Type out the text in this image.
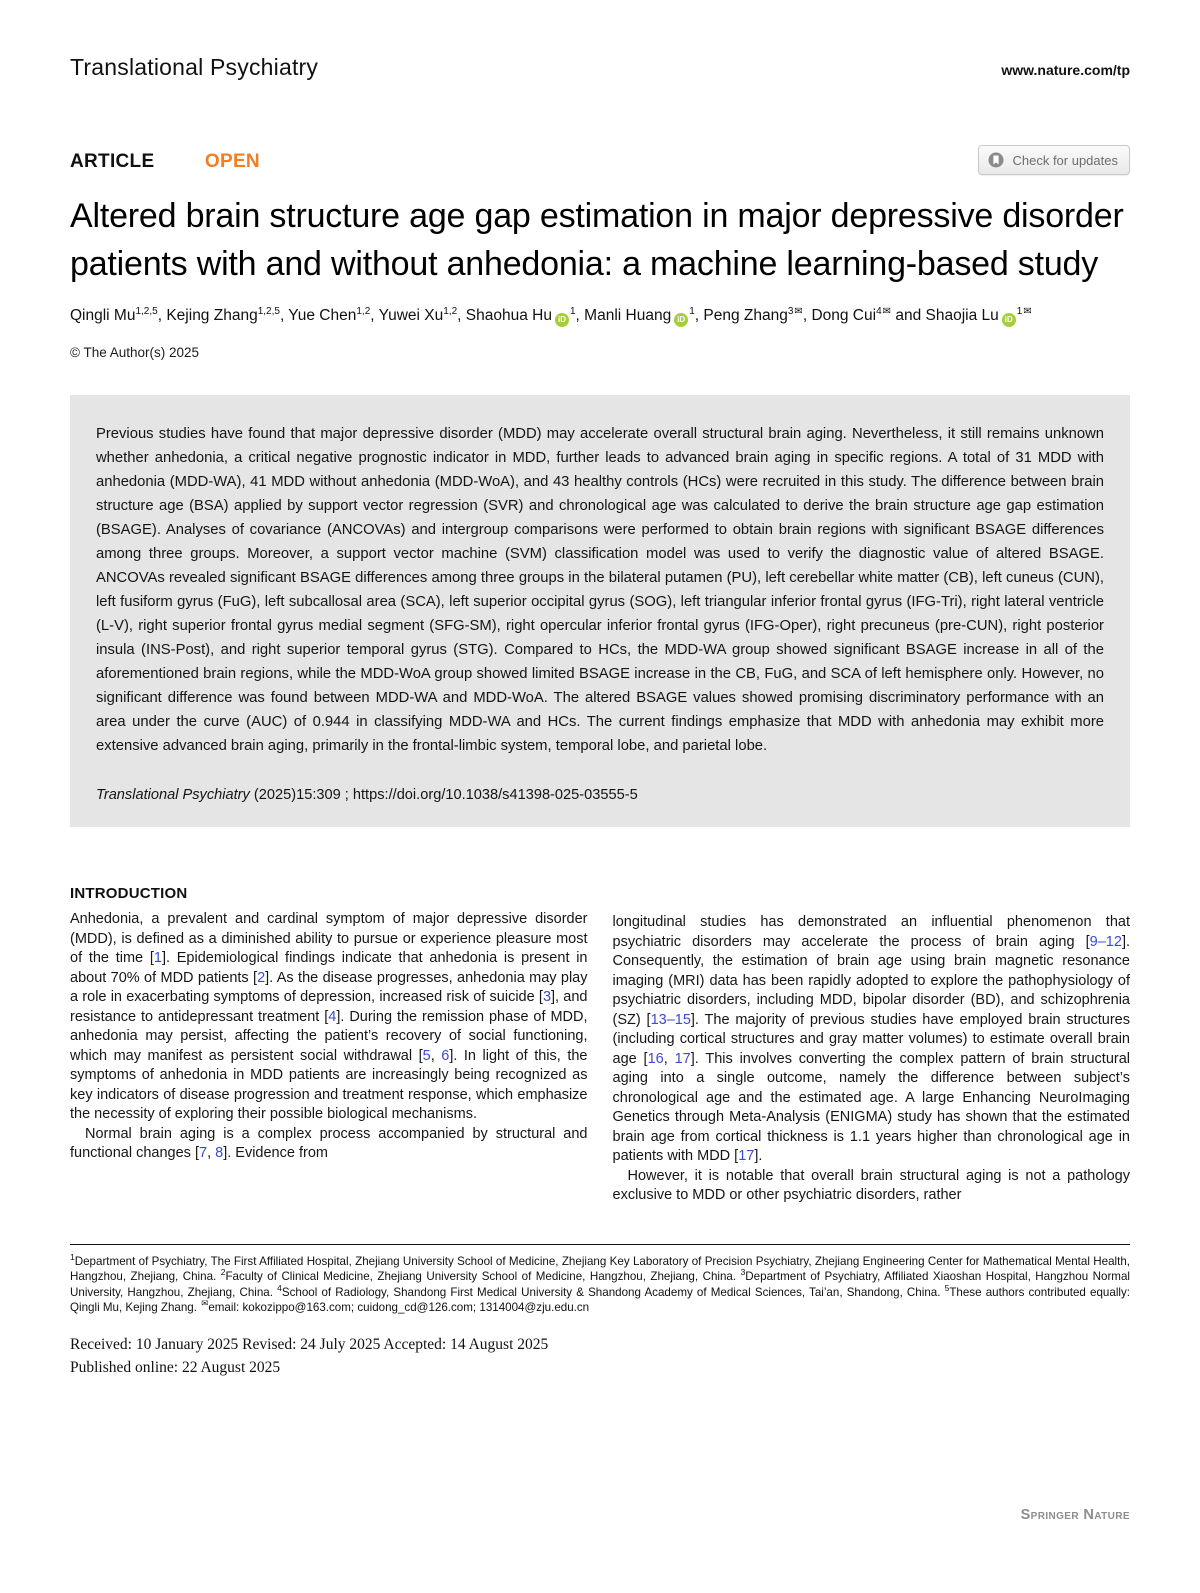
Translational Psychiatry	www.nature.com/tp
ARTICLE	OPEN	Check for updates
Altered brain structure age gap estimation in major depressive disorder patients with and without anhedonia: a machine learning-based study
Qingli Mu$^{1,2,5}$, Kejing Zhang$^{1,2,5}$, Yue Chen$^{1,2}$, Yuwei Xu$^{1,2}$, Shaohua Hu $iD^1$, Manli Huang $iD^1$, Peng Zhang$^{3✉}$, Dong Cui$^{4✉}$ and Shaojia Lu $iD^{1✉}$
© The Author(s) 2025

Previous studies have found that major depressive disorder (MDD) may accelerate overall structural brain aging. Nevertheless, it still remains unknown whether anhedonia, a critical negative prognostic indicator in MDD, further leads to advanced brain aging in specific regions. A total of 31 MDD with anhedonia (MDD-WA), 41 MDD without anhedonia (MDD-WoA), and 43 healthy controls (HCs) were recruited in this study. The difference between brain structure age (BSA) applied by support vector regression (SVR) and chronological age was calculated to derive the brain structure age gap estimation (BSAGE). Analyses of covariance (ANCOVAs) and intergroup comparisons were performed to obtain brain regions with significant BSAGE differences among three groups. Moreover, a support vector machine (SVM) classification model was used to verify the diagnostic value of altered BSAGE. ANCOVAs revealed significant BSAGE differences among three groups in the bilateral putamen (PU), left cerebellar white matter (CB), left cuneus (CUN), left fusiform gyrus (FuG), left subcallosal area (SCA), left superior occipital gyrus (SOG), left triangular inferior frontal gyrus (IFG-Tri), right lateral ventricle (L-V), right superior frontal gyrus medial segment (SFG-SM), right opercular inferior frontal gyrus (IFG-Oper), right precuneus (pre-CUN), right posterior insula (INS-Post), and right superior temporal gyrus (STG). Compared to HCs, the MDD-WA group showed significant BSAGE increase in all of the aforementioned brain regions, while the MDD-WoA group showed limited BSAGE increase in the CB, FuG, and SCA of left hemisphere only. However, no significant difference was found between MDD-WA and MDD-WoA. The altered BSAGE values showed promising discriminatory performance with an area under the curve (AUC) of 0.944 in classifying MDD-WA and HCs. The current findings emphasize that MDD with anhedonia may exhibit more extensive advanced brain aging, primarily in the frontal-limbic system, temporal lobe, and parietal lobe.

Translational Psychiatry (2025)15:309 ; https://doi.org/10.1038/s41398-025-03555-5

INTRODUCTION

Anhedonia, a prevalent and cardinal symptom of major depressive disorder (MDD), is defined as a diminished ability to pursue or experience pleasure most of the time [1]. Epidemiological findings indicate that anhedonia is present in about 70% of MDD patients [2]. As the disease progresses, anhedonia may play a role in exacerbating symptoms of depression, increased risk of suicide [3], and resistance to antidepressant treatment [4]. During the remission phase of MDD, anhedonia may persist, affecting the patient’s recovery of social functioning, which may manifest as persistent social withdrawal [5, 6]. In light of this, the symptoms of anhedonia in MDD patients are increasingly being recognized as key indicators of disease progression and treatment response, which emphasize the necessity of exploring their possible biological mechanisms.

Normal brain aging is a complex process accompanied by structural and functional changes [7, 8]. Evidence from

longitudinal studies has demonstrated an influential phenomenon that psychiatric disorders may accelerate the process of brain aging [9–12]. Consequently, the estimation of brain age using brain magnetic resonance imaging (MRI) data has been rapidly adopted to explore the pathophysiology of psychiatric disorders, including MDD, bipolar disorder (BD), and schizophrenia (SZ) [13–15]. The majority of previous studies have employed brain structures (including cortical structures and gray matter volumes) to estimate overall brain age [16, 17]. This involves converting the complex pattern of brain structural aging into a single outcome, namely the difference between subject’s chronological age and the estimated age. A large Enhancing NeuroImaging Genetics through Meta-Analysis (ENIGMA) study has shown that the estimated brain age from cortical thickness is 1.1 years higher than chronological age in patients with MDD [17].

However, it is notable that overall brain structural aging is not a pathology exclusive to MDD or other psychiatric disorders, rather

$^1$Department of Psychiatry, The First Affiliated Hospital, Zhejiang University School of Medicine, Zhejiang Key Laboratory of Precision Psychiatry, Zhejiang Engineering Center for Mathematical Mental Health, Hangzhou, Zhejiang, China. $^2$Faculty of Clinical Medicine, Zhejiang University School of Medicine, Hangzhou, Zhejiang, China. $^3$Department of Psychiatry, Affiliated Xiaoshan Hospital, Hangzhou Normal University, Hangzhou, Zhejiang, China. $^4$School of Radiology, Shandong First Medical University & Shandong Academy of Medical Sciences, Tai’an, Shandong, China. $^5$These authors contributed equally: Qingli Mu, Kejing Zhang. ✉email: kokozippo@163.com; cuidong_cd@126.com; 1314004@zju.edu.cn
Received: 10 January 2025 Revised: 24 July 2025 Accepted: 14 August 2025
Published online: 22 August 2025
Springer Nature
